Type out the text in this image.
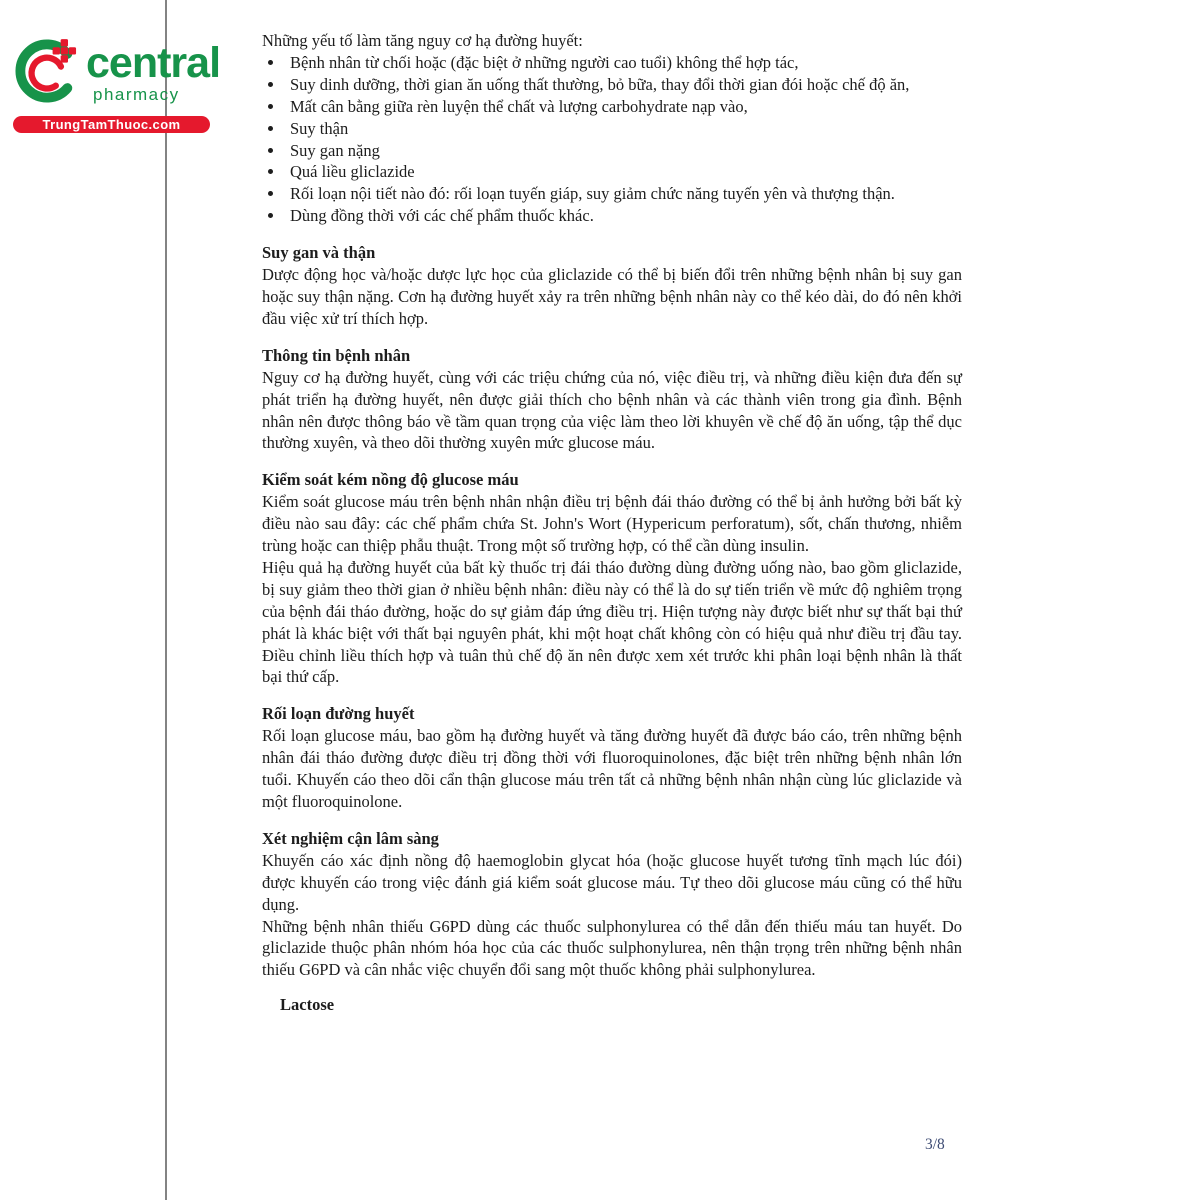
central
pharmacy
TrungTamThuoc.com

Những yếu tố làm tăng nguy cơ hạ đường huyết:

Bệnh nhân từ chối hoặc (đặc biệt ở những người cao tuổi) không thể hợp tác,

Suy dinh dưỡng, thời gian ăn uống thất thường, bỏ bữa, thay đổi thời gian đói hoặc chế độ ăn,

Mất cân bằng giữa rèn luyện thể chất và lượng carbohydrate nạp vào,

Suy thận

Suy gan nặng

Quá liều gliclazide

Rối loạn nội tiết nào đó: rối loạn tuyến giáp, suy giảm chức năng tuyến yên và thượng thận.

Dùng đồng thời với các chế phẩm thuốc khác.

Suy gan và thận

Dược động học và/hoặc dược lực học của gliclazide có thể bị biến đổi trên những bệnh nhân bị suy gan hoặc suy thận nặng. Cơn hạ đường huyết xảy ra trên những bệnh nhân này co thể kéo dài, do đó nên khởi đầu việc xử trí thích hợp.

Thông tin bệnh nhân

Nguy cơ hạ đường huyết, cùng với các triệu chứng của nó, việc điều trị, và những điều kiện đưa đến sự phát triển hạ đường huyết, nên được giải thích cho bệnh nhân và các thành viên trong gia đình. Bệnh nhân nên được thông báo về tầm quan trọng của việc làm theo lời khuyên về chế độ ăn uống, tập thể dục thường xuyên, và theo dõi thường xuyên mức glucose máu.

Kiểm soát kém nồng độ glucose máu

Kiểm soát glucose máu trên bệnh nhân nhận điều trị bệnh đái tháo đường có thể bị ảnh hưởng bởi bất kỳ điều nào sau đây: các chế phẩm chứa St. John's Wort (Hypericum perforatum), sốt, chấn thương, nhiễm trùng hoặc can thiệp phẫu thuật. Trong một số trường hợp, có thể cần dùng insulin.

Hiệu quả hạ đường huyết của bất kỳ thuốc trị đái tháo đường dùng đường uống nào, bao gồm gliclazide, bị suy giảm theo thời gian ở nhiều bệnh nhân: điều này có thể là do sự tiến triển về mức độ nghiêm trọng của bệnh đái tháo đường, hoặc do sự giảm đáp ứng điều trị. Hiện tượng này được biết như sự thất bại thứ phát là khác biệt với thất bại nguyên phát, khi một hoạt chất không còn có hiệu quả như điều trị đầu tay. Điều chỉnh liều thích hợp và tuân thủ chế độ ăn nên được xem xét trước khi phân loại bệnh nhân là thất bại thứ cấp.

Rối loạn đường huyết

Rối loạn glucose máu, bao gồm hạ đường huyết và tăng đường huyết đã được báo cáo, trên những bệnh nhân đái tháo đường được điều trị đồng thời với fluoroquinolones, đặc biệt trên những bệnh nhân lớn tuổi. Khuyến cáo theo dõi cẩn thận glucose máu trên tất cả những bệnh nhân nhận cùng lúc gliclazide và một fluoroquinolone.

Xét nghiệm cận lâm sàng

Khuyến cáo xác định nồng độ haemoglobin glycat hóa (hoặc glucose huyết tương tĩnh mạch lúc đói) được khuyến cáo trong việc đánh giá kiểm soát glucose máu. Tự theo dõi glucose máu cũng có thể hữu dụng.

Những bệnh nhân thiếu G6PD dùng các thuốc sulphonylurea có thể dẫn đến thiếu máu tan huyết. Do gliclazide thuộc phân nhóm hóa học của các thuốc sulphonylurea, nên thận trọng trên những bệnh nhân thiếu G6PD và cân nhắc việc chuyển đổi sang một thuốc không phải sulphonylurea.

Lactose
3/8
